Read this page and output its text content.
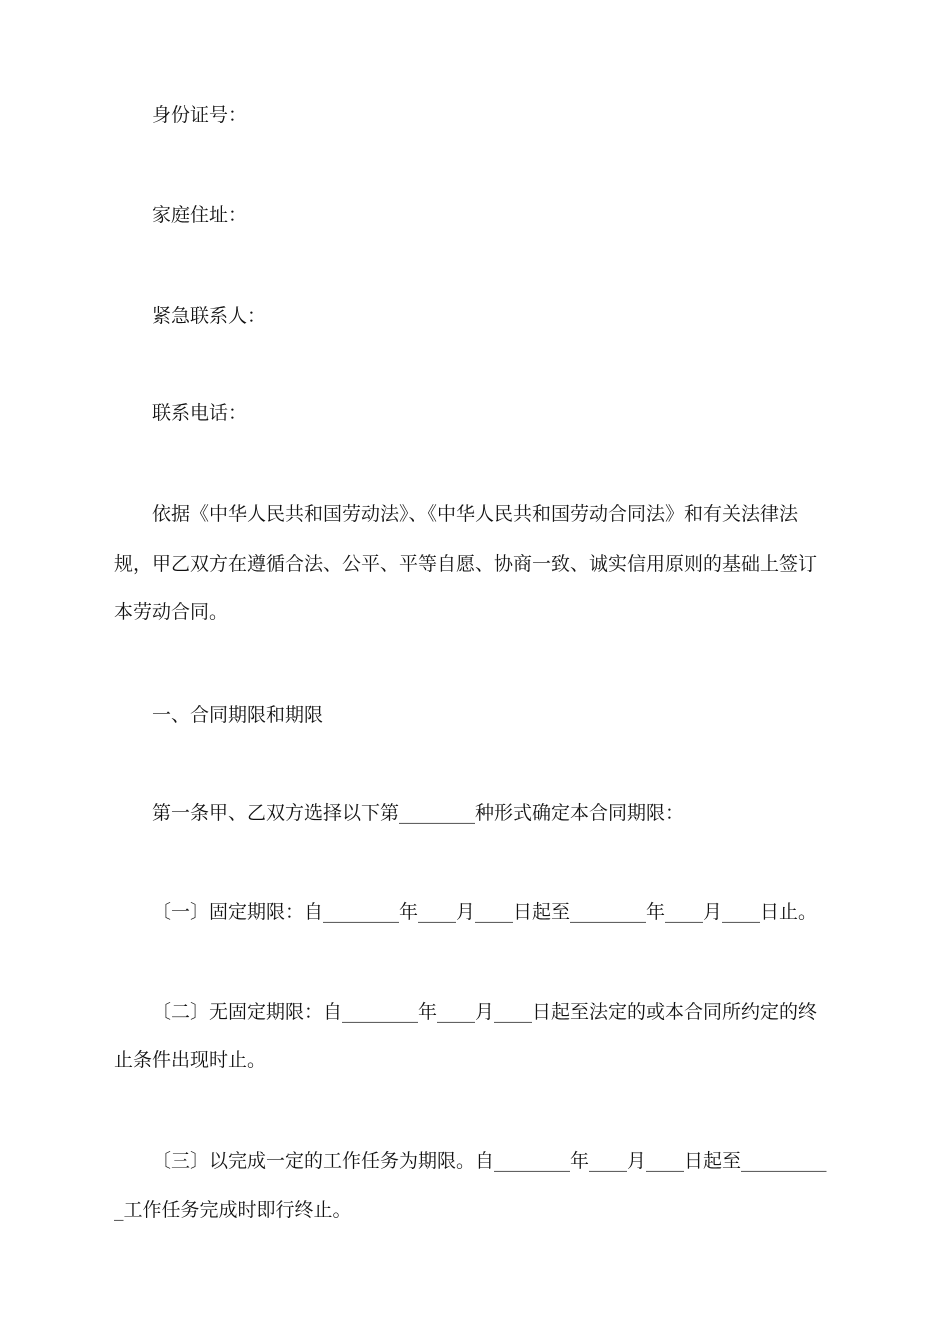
身份证号：

家庭住址：

紧急联系人：

联系电话：

依据《中华人民共和国劳动法》、《中华人民共和国劳动合同法》和有关法律法

规，甲乙双方在遵循合法、公平、平等自愿、协商一致、诚实信用原则的基础上签订

本劳动合同。

一、合同期限和期限

第一条甲、乙双方选择以下第________种形式确定本合同期限：

〔一〕固定期限：自________年____月____日起至________年____月____日止。

〔二〕无固定期限：自________年____月____日起至法定的或本合同所约定的终

止条件出现时止。

〔三〕以完成一定的工作任务为期限。自________年____月____日起至_________

_工作任务完成时即行终止。
